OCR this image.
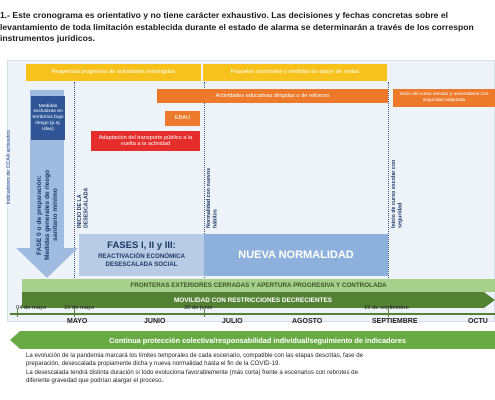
1.- Este cronograma es orientativo y no tiene carácter exhaustivo. Las decisiones y fechas concretas sobre el
levantamiento de toda limitación establecida durante el estado de alarma se determinarán a través de los correspon
instrumentos jurídicos.
Reapertura progresiva de actividades restringidas	Paquetes sectoriales y medidas de apoyo de rentas
Actividades educativas dirigidas o de refuerzo	Inicio del curso escolar y universitario con seguridad adaptada
EBAU
Adaptación del transporte público a la vuelta a la actividad
Medidas exclusivas en territorios bajo riesgo (p.ej. islas)
FASE 0 o de preparación: Medidas generales de riesgo sanitario mínimo
Indicadores de CCAA activados
INICIO DE LA DESESCALADA	Normalidad con nuevos hábitos	Inicio de curso escolar con seguridad
FASES I, II y III:
REACTIVACIÓN ECONÓMICA DESESCALADA SOCIAL
NUEVA NORMALIDAD
FRONTERAS EXTERIORES CERRADAS Y APERTURA PROGRESIVA Y CONTROLADA
MOVILIDAD CON RESTRICCIONES DECRECIENTES
04 de mayo	10 de mayo	30 de junio	15 de septiembre
MAYO	JUNIO	JULIO	AGOSTO	SEPTIEMBRE	OCTU
Continua protección colectiva/responsabilidad individual/seguimiento de indicadores
La evolución de la pandemia marcará los límites temporales de cada escenario, compatible con las etapas descritas, fase de
preparación, desescalada propiamente dicha y nueva normalidad hasta el fin de la COVID-19.
La desescalada tendrá distinta duración si todo evoluciona favorablemente (más corta) frente a escenarios con rebrotes de
diferente gravedad que podrían alargar el proceso.
